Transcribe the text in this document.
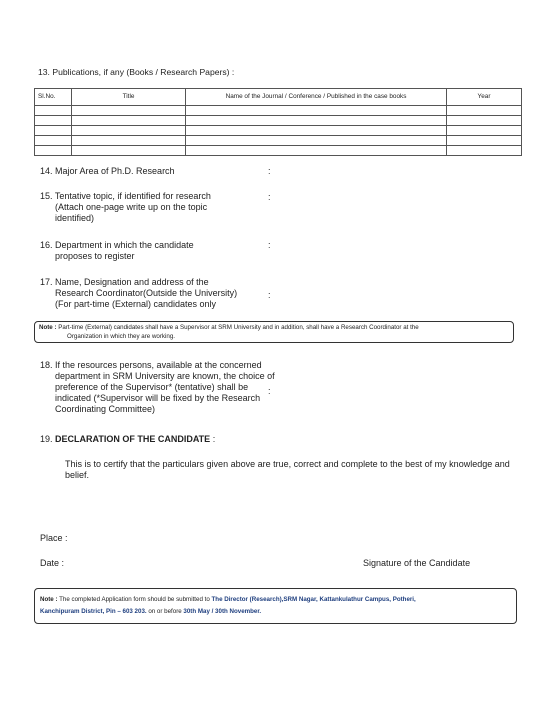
13. Publications, if any (Books / Research Papers) :
Sl.No.	Title	Name of the Journal / Conference / Published in the case books	Year

14. Major Area of Ph.D. Research	:
15. Tentative topic, if identified for research
(Attach one-page write up on the topic
identified)
:
16. Department in which the candidate
proposes to register
:
17. Name, Designation and address of the
Research Coordinator(Outside the University)
(For part-time (External) candidates only
:
Note : Part-time (External) candidates shall have a Supervisor at SRM University and in addition, shall have a Research Coordinator at the
Organization in which they are working.
18. If the resources persons, available at the concerned
department in SRM University are known, the choice of
preference of the Supervisor* (tentative) shall be
indicated (*Supervisor will be fixed by the Research
Coordinating Committee)
:
19. DECLARATION OF THE CANDIDATE :
This is to certify that the particulars given above are true, correct and complete to the best of my knowledge and
belief.
Place :
Date :	Signature of the Candidate
Note : The completed Application form should be submitted to The Director (Research),SRM Nagar, Kattankulathur Campus, Potheri,
Kanchipuram District, Pin – 603 203. on or before 30th May / 30th November.
